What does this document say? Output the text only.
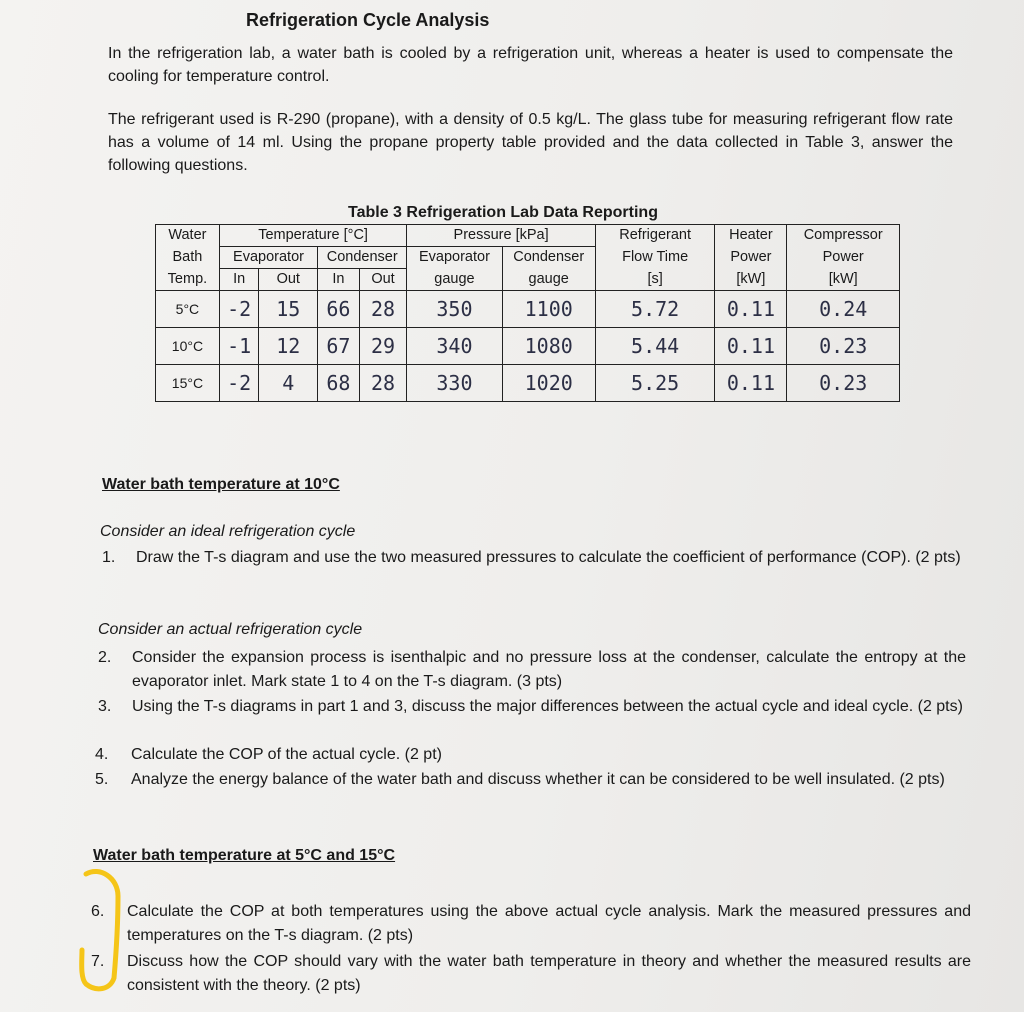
Refrigeration Cycle Analysis
In the refrigeration lab, a water bath is cooled by a refrigeration unit, whereas a heater is used to compensate the cooling for temperature control.
The refrigerant used is R-290 (propane), with a density of 0.5 kg/L. The glass tube for measuring refrigerant flow rate has a volume of 14 ml. Using the propane property table provided and the data collected in Table 3, answer the following questions.
Table 3 Refrigeration Lab Data Reporting
Water	Temperature [°C]				Pressure [kPa]		Refrigerant	Heater	Compressor
Bath	Evaporator		Condenser		Evaporator	Condenser	Flow Time	Power	Power
Temp.	In	Out	In	Out	gauge	gauge	[s]	[kW]	[kW]
5°C	-2	15	66	28	350	1100	5.72	0.11	0.24
10°C	-1	12	67	29	340	1080	5.44	0.11	0.23
15°C	-2	4	68	28	330	1020	5.25	0.11	0.23
Water bath temperature at 10°C
Consider an ideal refrigeration cycle
1. Draw the T-s diagram and use the two measured pressures to calculate the coefficient of performance (COP). (2 pts)
Consider an actual refrigeration cycle
2. Consider the expansion process is isenthalpic and no pressure loss at the condenser, calculate the entropy at the evaporator inlet. Mark state 1 to 4 on the T-s diagram. (3 pts)
3. Using the T-s diagrams in part 1 and 3, discuss the major differences between the actual cycle and ideal cycle. (2 pts)
4. Calculate the COP of the actual cycle. (2 pt)
5. Analyze the energy balance of the water bath and discuss whether it can be considered to be well insulated. (2 pts)
Water bath temperature at 5°C and 15°C
6. Calculate the COP at both temperatures using the above actual cycle analysis. Mark the measured pressures and temperatures on the T-s diagram. (2 pts)
7. Discuss how the COP should vary with the water bath temperature in theory and whether the measured results are consistent with the theory. (2 pts)
